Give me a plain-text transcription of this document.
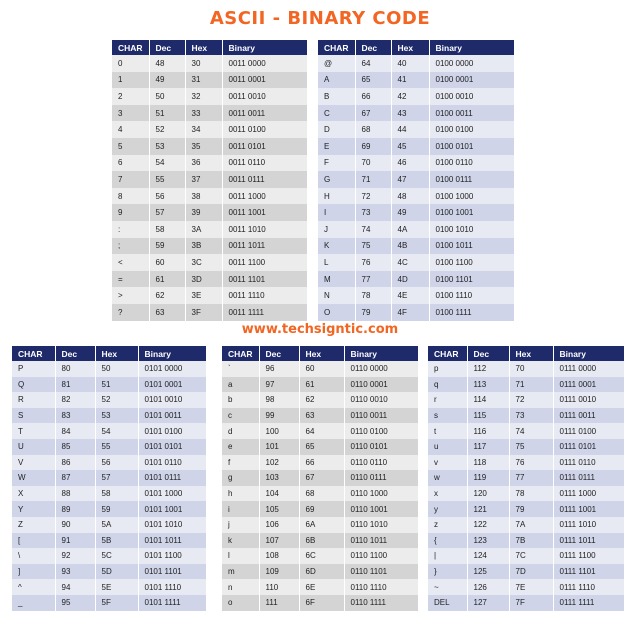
ASCII - BINARY CODE
CHAR	Dec	Hex	Binary
0	48	30	0011 0000
1	49	31	0011 0001
2	50	32	0011 0010
3	51	33	0011 0011
4	52	34	0011 0100
5	53	35	0011 0101
6	54	36	0011 0110
7	55	37	0011 0111
8	56	38	0011 1000
9	57	39	0011 1001
:	58	3A	0011 1010
;	59	3B	0011 1011
<	60	3C	0011 1100
=	61	3D	0011 1101
>	62	3E	0011 1110
?	63	3F	0011 1111
CHAR	Dec	Hex	Binary
@	64	40	0100 0000
A	65	41	0100 0001
B	66	42	0100 0010
C	67	43	0100 0011
D	68	44	0100 0100
E	69	45	0100 0101
F	70	46	0100 0110
G	71	47	0100 0111
H	72	48	0100 1000
I	73	49	0100 1001
J	74	4A	0100 1010
K	75	4B	0100 1011
L	76	4C	0100 1100
M	77	4D	0100 1101
N	78	4E	0100 1110
O	79	4F	0100 1111
www.techsigntic.com
CHAR	Dec	Hex	Binary
P	80	50	0101 0000
Q	81	51	0101 0001
R	82	52	0101 0010
S	83	53	0101 0011
T	84	54	0101 0100
U	85	55	0101 0101
V	86	56	0101 0110
W	87	57	0101 0111
X	88	58	0101 1000
Y	89	59	0101 1001
Z	90	5A	0101 1010
[	91	5B	0101 1011
\	92	5C	0101 1100
]	93	5D	0101 1101
^	94	5E	0101 1110
_	95	5F	0101 1111
CHAR	Dec	Hex	Binary
`	96	60	0110 0000
a	97	61	0110 0001
b	98	62	0110 0010
c	99	63	0110 0011
d	100	64	0110 0100
e	101	65	0110 0101
f	102	66	0110 0110
g	103	67	0110 0111
h	104	68	0110 1000
i	105	69	0110 1001
j	106	6A	0110 1010
k	107	6B	0110 1011
l	108	6C	0110 1100
m	109	6D	0110 1101
n	110	6E	0110 1110
o	111	6F	0110 1111
CHAR	Dec	Hex	Binary
p	112	70	0111 0000
q	113	71	0111 0001
r	114	72	0111 0010
s	115	73	0111 0011
t	116	74	0111 0100
u	117	75	0111 0101
v	118	76	0111 0110
w	119	77	0111 0111
x	120	78	0111 1000
y	121	79	0111 1001
z	122	7A	0111 1010
{	123	7B	0111 1011
|	124	7C	0111 1100
}	125	7D	0111 1101
~	126	7E	0111 1110
DEL	127	7F	0111 1111
